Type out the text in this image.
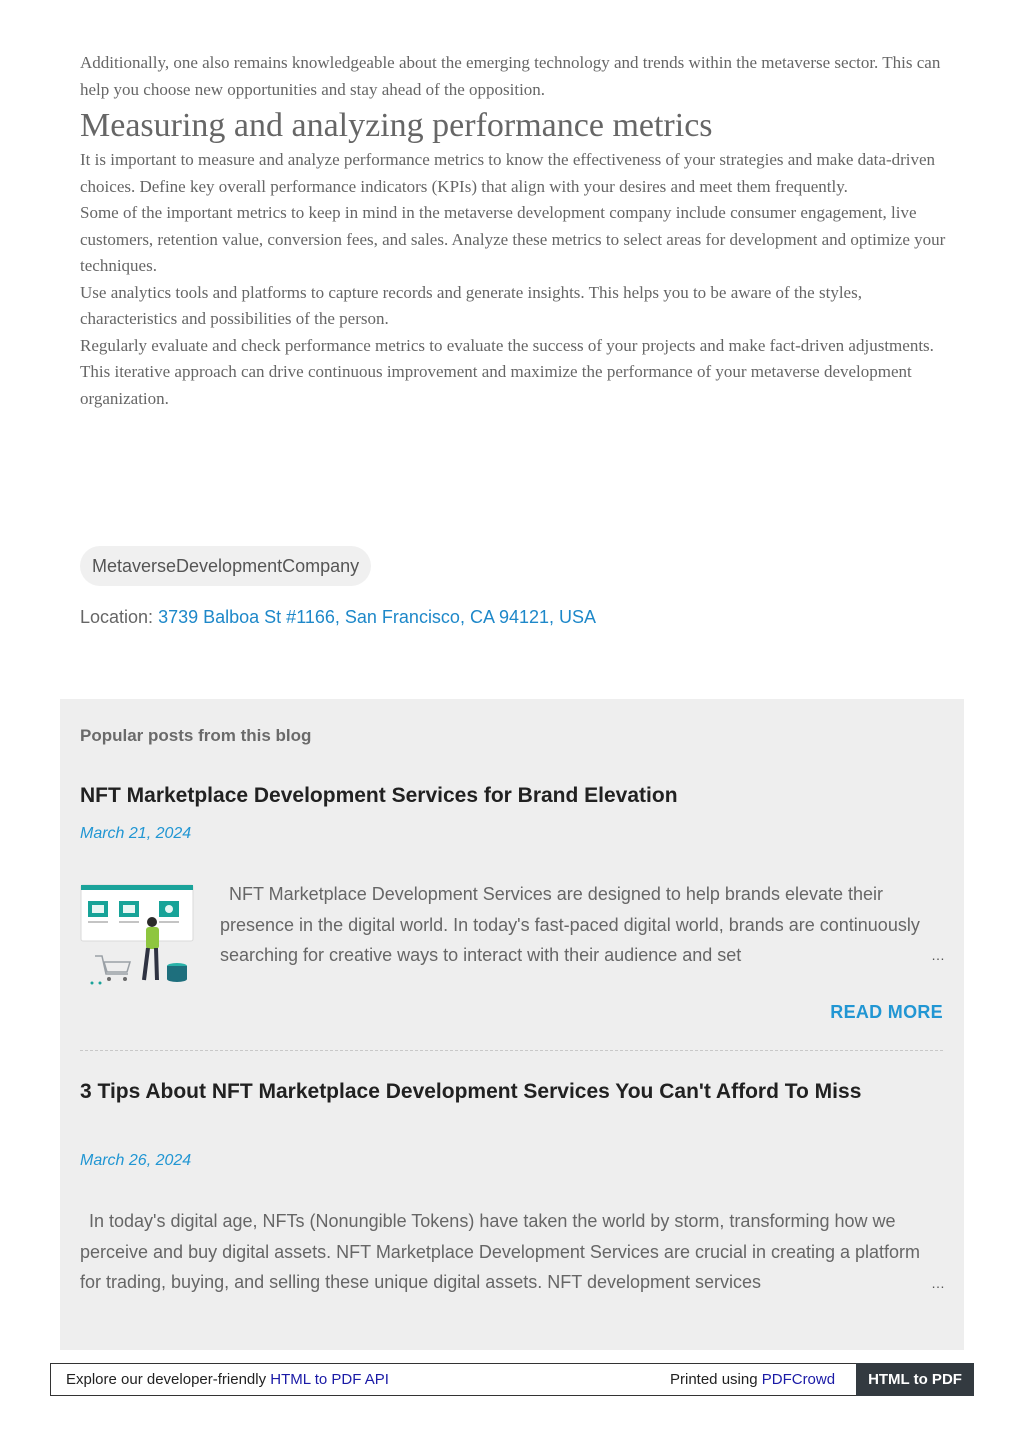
Additionally, one also remains knowledgeable about the emerging technology and trends within the metaverse sector. This can help you choose new opportunities and stay ahead of the opposition.

Measuring and analyzing performance metrics

It is important to measure and analyze performance metrics to know the effectiveness of your strategies and make data-driven choices. Define key overall performance indicators (KPIs) that align with your desires and meet them frequently.

Some of the important metrics to keep in mind in the metaverse development company include consumer engagement, live customers, retention value, conversion fees, and sales. Analyze these metrics to select areas for development and optimize your techniques.

Use analytics tools and platforms to capture records and generate insights. This helps you to be aware of the styles, characteristics and possibilities of the person.

Regularly evaluate and check performance metrics to evaluate the success of your projects and make fact-driven adjustments. This iterative approach can drive continuous improvement and maximize the performance of your metaverse development organization.

MetaverseDevelopmentCompany
Location: 3739 Balboa St #1166, San Francisco, CA 94121, USA
Popular posts from this blog
NFT Marketplace Development Services for Brand Elevation
March 21, 2024
NFT Marketplace Development Services are designed to help brands elevate their presence in the digital world. In today's fast-paced digital world, brands are continuously searching for creative ways to interact with their audience and set	…
READ MORE
3 Tips About NFT Marketplace Development Services You Can't Afford To Miss
March 26, 2024
In today's digital age, NFTs (Nonungible Tokens) have taken the world by storm, transforming how we perceive and buy digital assets. NFT Marketplace Development Services are crucial in creating a platform for trading, buying, and selling these unique digital assets. NFT development services	…
Explore our developer-friendly HTML to PDF API	Printed using PDFCrowd	HTML to PDF
